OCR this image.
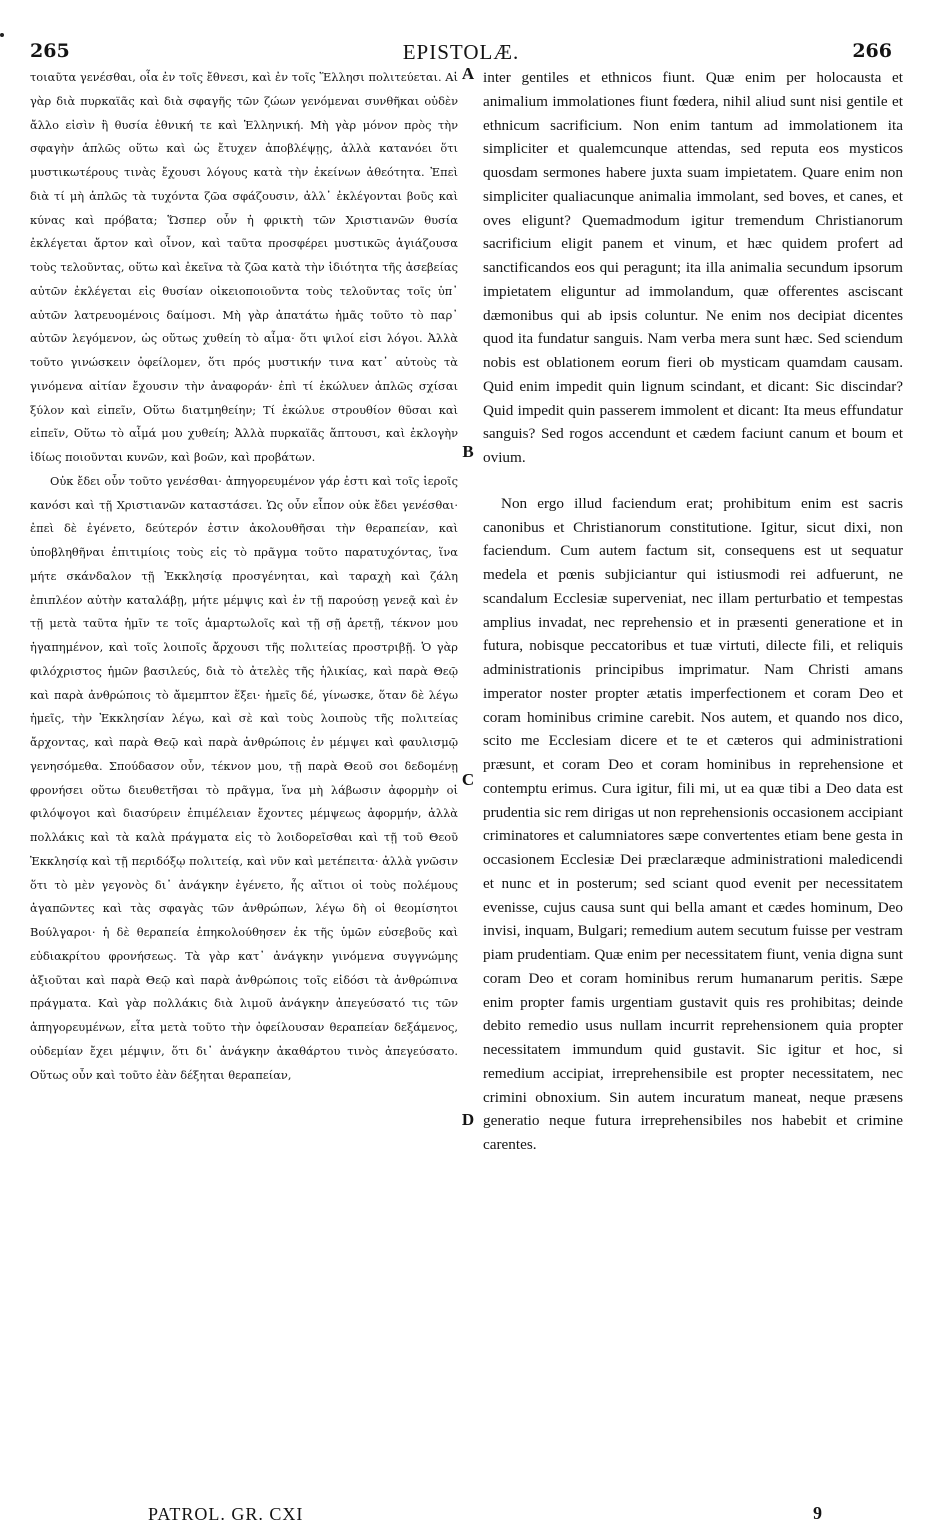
265	EPISTOLÆ.	266

τοιαῦτα γενέσθαι, οἷα ἐν τοῖς ἔθνεσι, καὶ ἐν τοῖς Ἕλλησι πολιτεύεται. Αἱ γὰρ διὰ πυρκαϊᾶς καὶ διὰ σφαγῆς τῶν ζώων γενόμεναι συνθῆκαι οὐδὲν ἄλλο εἰσὶν ἢ θυσία ἐθνική τε καὶ Ἑλληνική. Μὴ γὰρ μόνον πρὸς τὴν σφαγὴν ἁπλῶς οὕτω καὶ ὡς ἔτυχεν ἀποβλέψῃς, ἀλλὰ κατανόει ὅτι μυστικωτέρους τινὰς ἔχουσι λόγους κατὰ τὴν ἐκείνων ἀθεότητα. Ἐπεὶ διὰ τί μὴ ἁπλῶς τὰ τυχόντα ζῶα σφάζουσιν, ἀλλ᾽ ἐκλέγονται βοῦς καὶ κύνας καὶ πρόβατα; Ὥσπερ οὖν ἡ φρικτὴ τῶν Χριστιανῶν θυσία ἐκλέγεται ἄρτον καὶ οἶνον, καὶ ταῦτα προσφέρει μυστικῶς ἁγιάζουσα τοὺς τελοῦντας, οὕτω καὶ ἐκεῖνα τὰ ζῶα κατὰ τὴν ἰδιότητα τῆς ἀσεβείας αὐτῶν ἐκλέγεται εἰς θυσίαν οἰκειοποιοῦντα τοὺς τελοῦντας τοῖς ὑπ᾽ αὐτῶν λατρευομένοις δαίμοσι. Μὴ γὰρ ἀπατάτω ἡμᾶς τοῦτο τὸ παρ᾽ αὐτῶν λεγόμενον, ὡς οὕτως χυθείη τὸ αἷμα· ὅτι ψιλοί εἰσι λόγοι. Ἀλλὰ τοῦτο γινώσκειν ὀφείλομεν, ὅτι πρός μυστικήν τινα κατ᾽ αὐτοὺς τὰ γινόμενα αἰτίαν ἔχουσιν τὴν ἀναφοράν· ἐπὶ τί ἐκώλυεν ἁπλῶς σχίσαι ξύλον καὶ εἰπεῖν, Οὕτω διατμηθείην; Τί ἐκώλυε στρουθίον θῦσαι καὶ εἰπεῖν, Οὕτω τὸ αἷμά μου χυθείη; Ἀλλὰ πυρκαϊᾶς ἅπτουσι, καὶ ἐκλογὴν ἰδίως ποιοῦνται κυνῶν, καὶ βοῶν, καὶ προβάτων.

Οὐκ ἔδει οὖν τοῦτο γενέσθαι· ἀπηγορευμένον γάρ ἐστι καὶ τοῖς ἱεροῖς κανόσι καὶ τῇ Χριστιανῶν καταστάσει. Ὡς οὖν εἶπον οὐκ ἔδει γενέσθαι· ἐπεὶ δὲ ἐγένετο, δεύτερόν ἐστιν ἀκολουθῆσαι τὴν θεραπείαν, καὶ ὑποβληθῆναι ἐπιτιμίοις τοὺς εἰς τὸ πρᾶγμα τοῦτο παρατυχόντας, ἵνα μήτε σκάνδαλον τῇ Ἐκκλησίᾳ προσγένηται, καὶ ταραχὴ καὶ ζάλη ἐπιπλέον αὐτὴν καταλάβῃ, μήτε μέμψις καὶ ἐν τῇ παρούσῃ γενεᾷ καὶ ἐν τῇ μετὰ ταῦτα ἡμῖν τε τοῖς ἁμαρτωλοῖς καὶ τῇ σῇ ἀρετῇ, τέκνον μου ἠγαπημένον, καὶ τοῖς λοιποῖς ἄρχουσι τῆς πολιτείας προστριβῇ. Ὁ γὰρ φιλόχριστος ἡμῶν βασιλεύς, διὰ τὸ ἀτελὲς τῆς ἡλικίας, καὶ παρὰ Θεῷ καὶ παρὰ ἀνθρώποις τὸ ἄμεμπτον ἕξει· ἡμεῖς δέ, γίνωσκε, ὅταν δὲ λέγω ἡμεῖς, τὴν Ἐκκλησίαν λέγω, καὶ σὲ καὶ τοὺς λοιποὺς τῆς πολιτείας ἄρχοντας, καὶ παρὰ Θεῷ καὶ παρὰ ἀνθρώποις ἐν μέμψει καὶ φαυλισμῷ γενησόμεθα. Σπούδασον οὖν, τέκνον μου, τῇ παρὰ Θεοῦ σοι δεδομένῃ φρονήσει οὕτω διευθετῆσαι τὸ πρᾶγμα, ἵνα μὴ λάβωσιν ἀφορμὴν οἱ φιλόψογοι καὶ διασύρειν ἐπιμέλειαν ἔχοντες μέμψεως ἀφορμήν, ἀλλὰ πολλάκις καὶ τὰ καλὰ πράγματα εἰς τὸ λοιδορεῖσθαι καὶ τῇ τοῦ Θεοῦ Ἐκκλησίᾳ καὶ τῇ περιδόξῳ πολιτείᾳ, καὶ νῦν καὶ μετέπειτα· ἀλλὰ γνῶσιν ὅτι τὸ μὲν γεγονὸς δι᾽ ἀνάγκην ἐγένετο, ἧς αἴτιοι οἱ τοὺς πολέμους ἀγαπῶντες καὶ τὰς σφαγὰς τῶν ἀνθρώπων, λέγω δὴ οἱ θεομίσητοι Βούλγαροι· ἡ δὲ θεραπεία ἐπηκολούθησεν ἐκ τῆς ὑμῶν εὐσεβοῦς καὶ εὐδιακρίτου φρονήσεως. Τὰ γὰρ κατ᾽ ἀνάγκην γινόμενα συγγνώμης ἀξιοῦται καὶ παρὰ Θεῷ καὶ παρὰ ἀνθρώποις τοῖς εἰδόσι τὰ ἀνθρώπινα πράγματα. Καὶ γὰρ πολλάκις διὰ λιμοῦ ἀνάγκην ἀπεγεύσατό τις τῶν ἀπηγορευμένων, εἶτα μετὰ τοῦτο τὴν ὀφείλουσαν θεραπείαν δεξάμενος, οὐδεμίαν ἔχει μέμψιν, ὅτι δι᾽ ἀνάγκην ἀκαθάρτου τινὸς ἀπεγεύσατο. Οὕτως οὖν καὶ τοῦτο ἐὰν δέξηται θεραπείαν,

A
B
C
D

inter gentiles et ethnicos fiunt. Quæ enim per holocausta et animalium immolationes fiunt fœdera, nihil aliud sunt nisi gentile et ethnicum sacrificium. Non enim tantum ad immolationem ita simpliciter et qualemcunque attendas, sed reputa eos mysticos quosdam sermones habere juxta suam impietatem. Quare enim non simpliciter qualiacunque animalia immolant, sed boves, et canes, et oves eligunt? Quemadmodum igitur tremendum Christianorum sacrificium eligit panem et vinum, et hæc quidem profert ad sanctificandos eos qui peragunt; ita illa animalia secundum ipsorum impietatem eliguntur ad immolandum, quæ offerentes asciscant dæmonibus qui ab ipsis coluntur. Ne enim nos decipiat dicentes quod ita fundatur sanguis. Nam verba mera sunt hæc. Sed sciendum nobis est oblationem eorum fieri ob mysticam quamdam causam. Quid enim impedit quin lignum scindant, et dicant: Sic discindar? Quid impedit quin passerem immolent et dicant: Ita meus effundatur sanguis? Sed rogos accendunt et cædem faciunt canum et boum et ovium.

Non ergo illud faciendum erat; prohibitum enim est sacris canonibus et Christianorum constitutione. Igitur, sicut dixi, non faciendum. Cum autem factum sit, consequens est ut sequatur medela et pœnis subjiciantur qui istiusmodi rei adfuerunt, ne scandalum Ecclesiæ superveniat, nec illam perturbatio et tempestas amplius invadat, nec reprehensio et in præsenti generatione et in futura, nobisque peccatoribus et tuæ virtuti, dilecte fili, et reliquis administrationis principibus imprimatur. Nam Christi amans imperator noster propter ætatis imperfectionem et coram Deo et coram hominibus crimine carebit. Nos autem, et quando nos dico, scito me Ecclesiam dicere et te et cæteros qui administrationi præsunt, et coram Deo et coram hominibus in reprehensione et contemptu erimus. Cura igitur, fili mi, ut ea quæ tibi a Deo data est prudentia sic rem dirigas ut non reprehensionis occasionem accipiant criminatores et calumniatores sæpe convertentes etiam bene gesta in occasionem Ecclesiæ Dei præclaræque administrationi maledicendi et nunc et in posterum; sed sciant quod evenit per necessitatem evenisse, cujus causa sunt qui bella amant et cædes hominum, Deo invisi, inquam, Bulgari; remedium autem secutum fuisse per vestram piam prudentiam. Quæ enim per necessitatem fiunt, venia digna sunt coram Deo et coram hominibus rerum humanarum peritis. Sæpe enim propter famis urgentiam gustavit quis res prohibitas; deinde debito remedio usus nullam incurrit reprehensionem quia propter necessitatem immundum quid gustavit. Sic igitur et hoc, si remedium accipiat, irreprehensibile est propter necessitatem, nec crimini obnoxium. Sin autem incuratum maneat, neque præsens generatio neque futura irreprehensibiles nos habebit et crimine carentes.

PATROL. GR. CXI	9
